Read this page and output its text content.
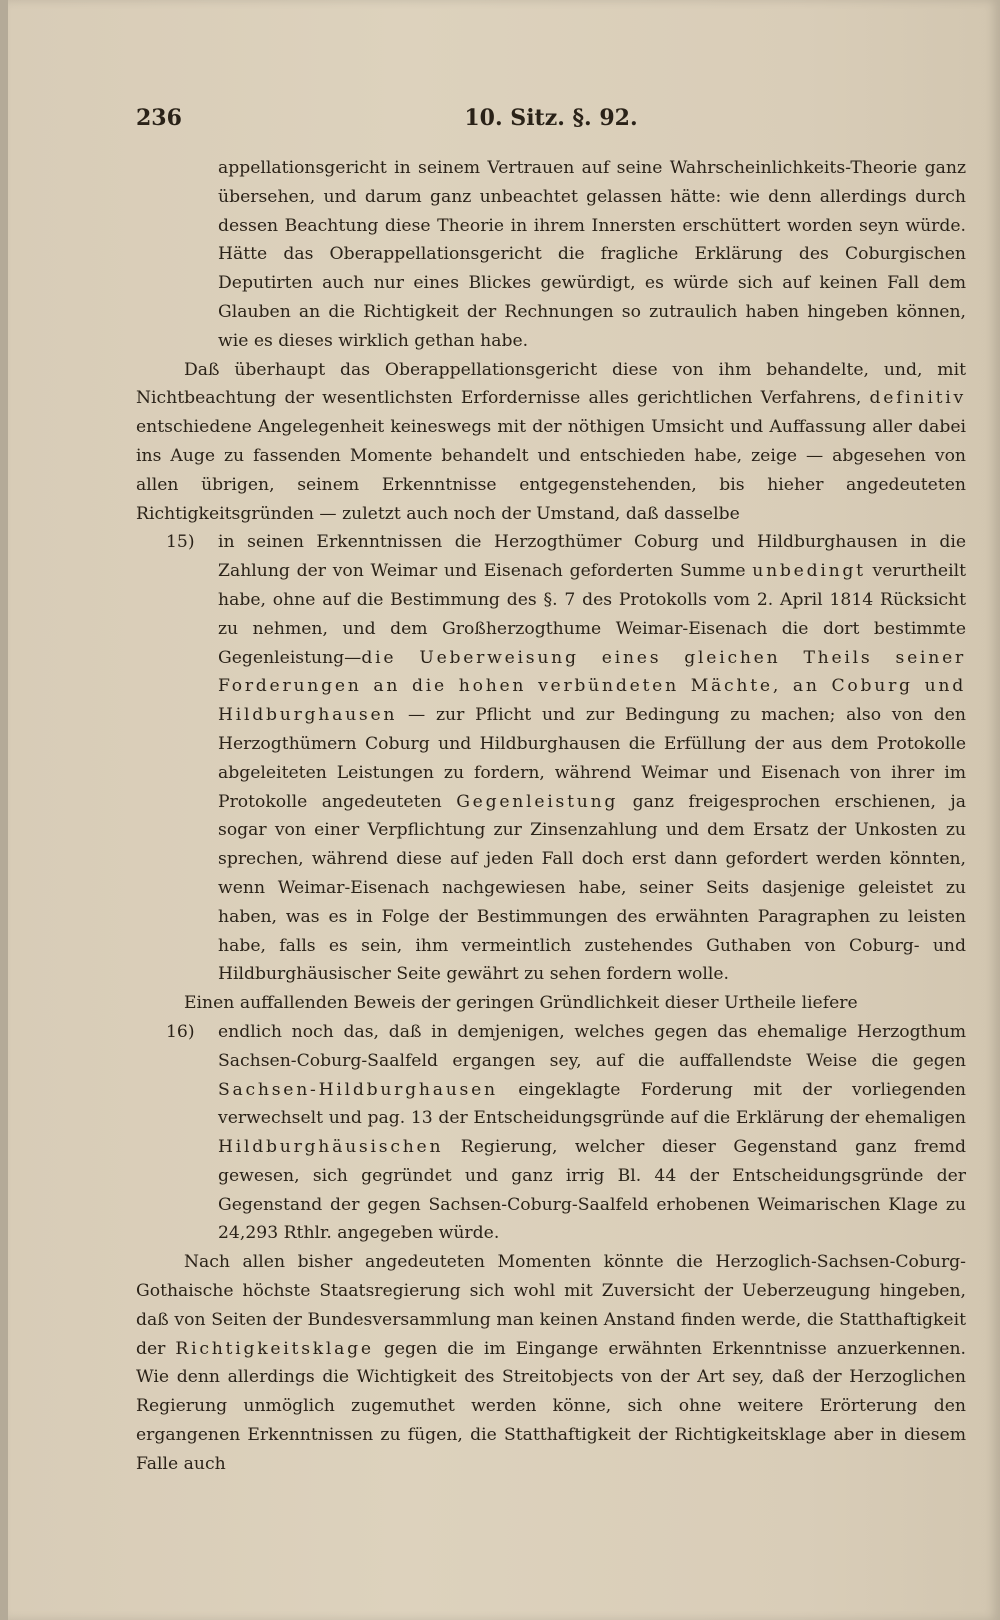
236	10. Sitz. §. 92.

appellationsgericht in seinem Vertrauen auf seine Wahrscheinlichkeits-Theorie ganz übersehen, und darum ganz unbeachtet gelassen hätte: wie denn allerdings durch dessen Beachtung diese Theorie in ihrem Innersten erschüttert worden seyn würde. Hätte das Oberappellationsgericht die fragliche Erklärung des Coburgischen Deputirten auch nur eines Blickes gewürdigt, es würde sich auf keinen Fall dem Glauben an die Richtigkeit der Rechnungen so zutraulich haben hingeben können, wie es dieses wirklich gethan habe.

Daß überhaupt das Oberappellationsgericht diese von ihm behandelte, und, mit Nichtbeachtung der wesentlichsten Erfordernisse alles gerichtlichen Verfahrens, definitiv entschiedene Angelegenheit keineswegs mit der nöthigen Umsicht und Auffassung aller dabei ins Auge zu fassenden Momente behandelt und entschieden habe, zeige — abgesehen von allen übrigen, seinem Erkenntnisse entgegenstehenden, bis hieher angedeuteten Richtigkeitsgründen — zuletzt auch noch der Umstand, daß dasselbe

15) in seinen Erkenntnissen die Herzogthümer Coburg und Hildburghausen in die Zahlung der von Weimar und Eisenach geforderten Summe unbedingt verurtheilt habe, ohne auf die Bestimmung des §. 7 des Protokolls vom 2. April 1814 Rücksicht zu nehmen, und dem Großherzogthume Weimar-Eisenach die dort bestimmte Gegenleistung—die Ueberweisung eines gleichen Theils seiner Forderungen an die hohen verbündeten Mächte, an Coburg und Hildburghausen — zur Pflicht und zur Bedingung zu machen; also von den Herzogthümern Coburg und Hildburghausen die Erfüllung der aus dem Protokolle abgeleiteten Leistungen zu fordern, während Weimar und Eisenach von ihrer im Protokolle angedeuteten Gegenleistung ganz freigesprochen erschienen, ja sogar von einer Verpflichtung zur Zinsenzahlung und dem Ersatz der Unkosten zu sprechen, während diese auf jeden Fall doch erst dann gefordert werden könnten, wenn Weimar-Eisenach nachgewiesen habe, seiner Seits dasjenige geleistet zu haben, was es in Folge der Bestimmungen des erwähnten Paragraphen zu leisten habe, falls es sein, ihm vermeintlich zustehendes Guthaben von Coburg- und Hildburghäusischer Seite gewährt zu sehen fordern wolle.

Einen auffallenden Beweis der geringen Gründlichkeit dieser Urtheile liefere

16) endlich noch das, daß in demjenigen, welches gegen das ehemalige Herzogthum Sachsen-Coburg-Saalfeld ergangen sey, auf die auffallendste Weise die gegen Sachsen-Hildburghausen eingeklagte Forderung mit der vorliegenden verwechselt und pag. 13 der Entscheidungsgründe auf die Erklärung der ehemaligen Hildburghäusischen Regierung, welcher dieser Gegenstand ganz fremd gewesen, sich gegründet und ganz irrig Bl. 44 der Entscheidungsgründe der Gegenstand der gegen Sachsen-Coburg-Saalfeld erhobenen Weimarischen Klage zu 24,293 Rthlr. angegeben würde.

Nach allen bisher angedeuteten Momenten könnte die Herzoglich-Sachsen-Coburg-Gothaische höchste Staatsregierung sich wohl mit Zuversicht der Ueberzeugung hingeben, daß von Seiten der Bundesversammlung man keinen Anstand finden werde, die Statthaftigkeit der Richtigkeitsklage gegen die im Eingange erwähnten Erkenntnisse anzuerkennen. Wie denn allerdings die Wichtigkeit des Streitobjects von der Art sey, daß der Herzoglichen Regierung unmöglich zugemuthet werden könne, sich ohne weitere Erörterung den ergangenen Erkenntnissen zu fügen, die Statthaftigkeit der Richtigkeitsklage aber in diesem Falle auch
